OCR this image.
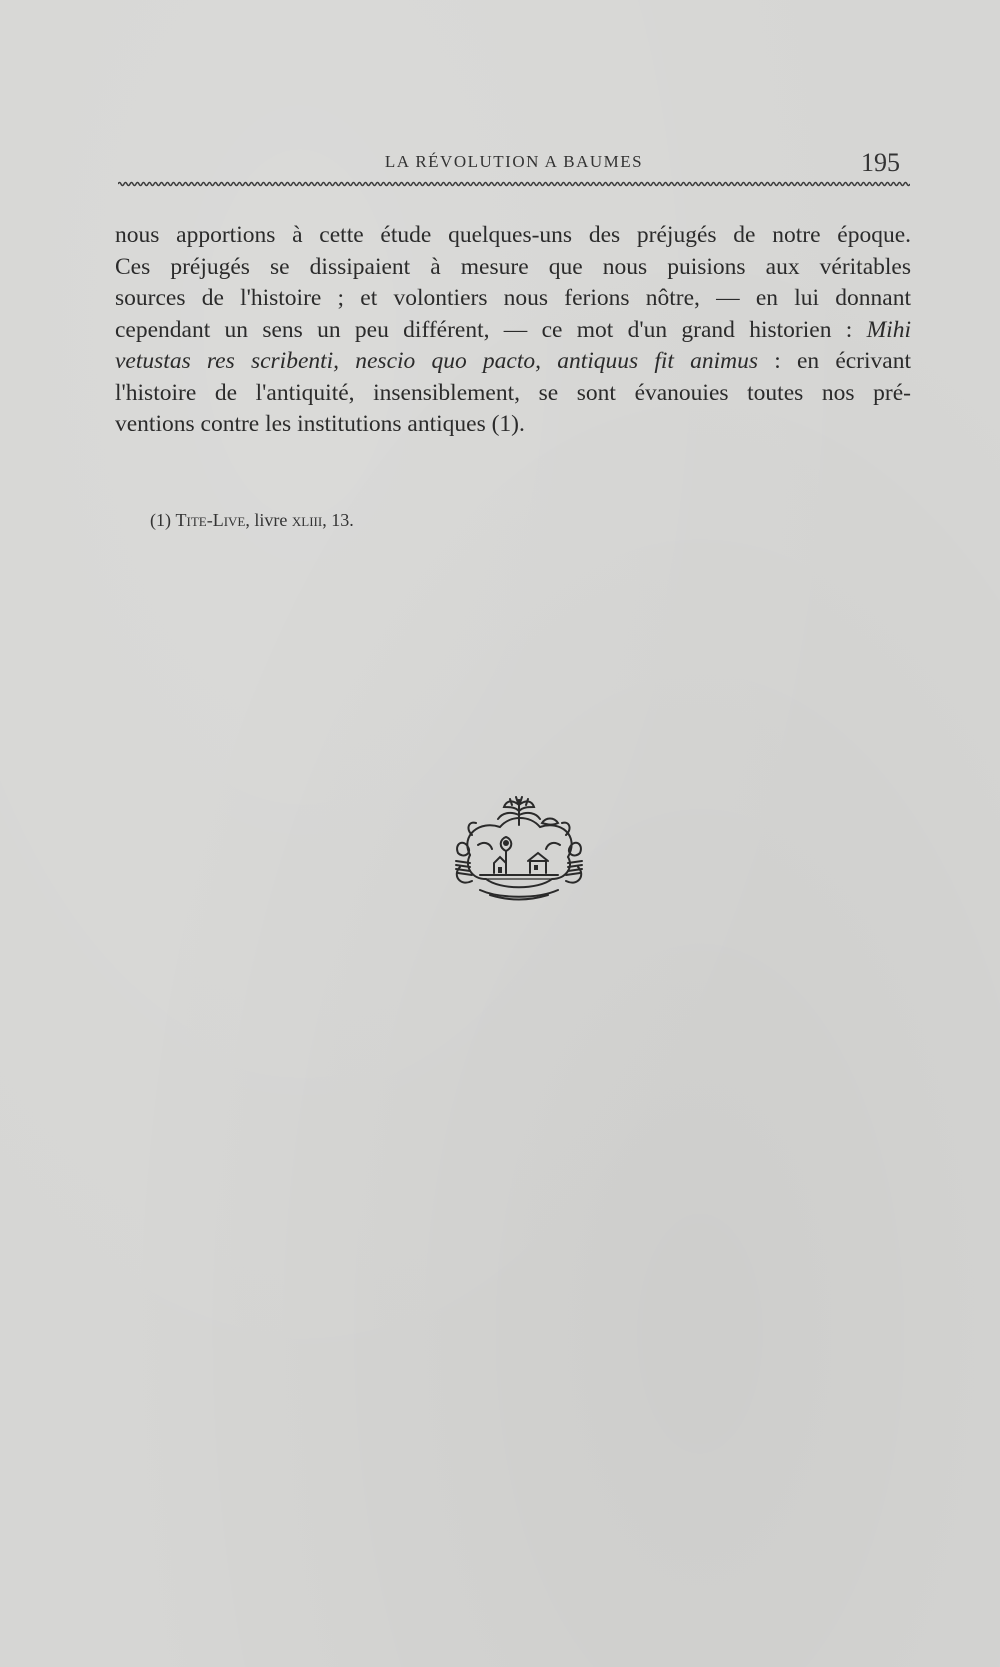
LA RÉVOLUTION A BAUMES	195
nous apportions à cette étude quelques-uns des préjugés de notre époque.
Ces préjugés se dissipaient à mesure que nous puisions aux véritables
sources de l'histoire ; et volontiers nous ferions nôtre, — en lui donnant
cependant un sens un peu différent, — ce mot d'un grand historien : Mihi
vetustas res scribenti, nescio quo pacto, antiquus fit animus : en écrivant
l'histoire de l'antiquité, insensiblement, se sont évanouies toutes nos pré-
ventions contre les institutions antiques (1).
(1) Tite-Live, livre xliii, 13.
